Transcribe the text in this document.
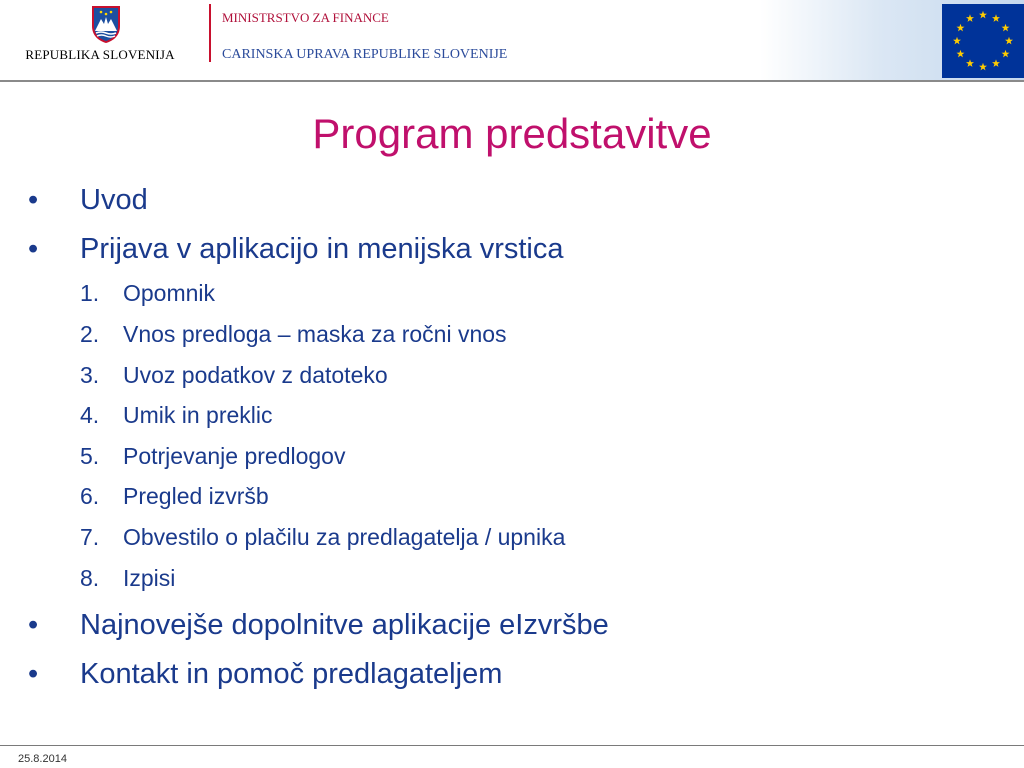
REPUBLIKA SLOVENIJA
MINISTRSTVO ZA FINANCE
CARINSKA UPRAVA REPUBLIKE SLOVENIJE
Program predstavitve
•	Uvod
•	Prijava v aplikacijo in menijska vrstica
1.	Opomnik
2.	Vnos predloga – maska za ročni vnos
3.	Uvoz podatkov z datoteko
4.	Umik in preklic
5.	Potrjevanje predlogov
6.	Pregled izvršb
7.	Obvestilo o plačilu za predlagatelja / upnika
8.	Izpisi
•	Najnovejše dopolnitve aplikacije eIzvršbe
•	Kontakt in pomoč predlagateljem
25.8.2014
